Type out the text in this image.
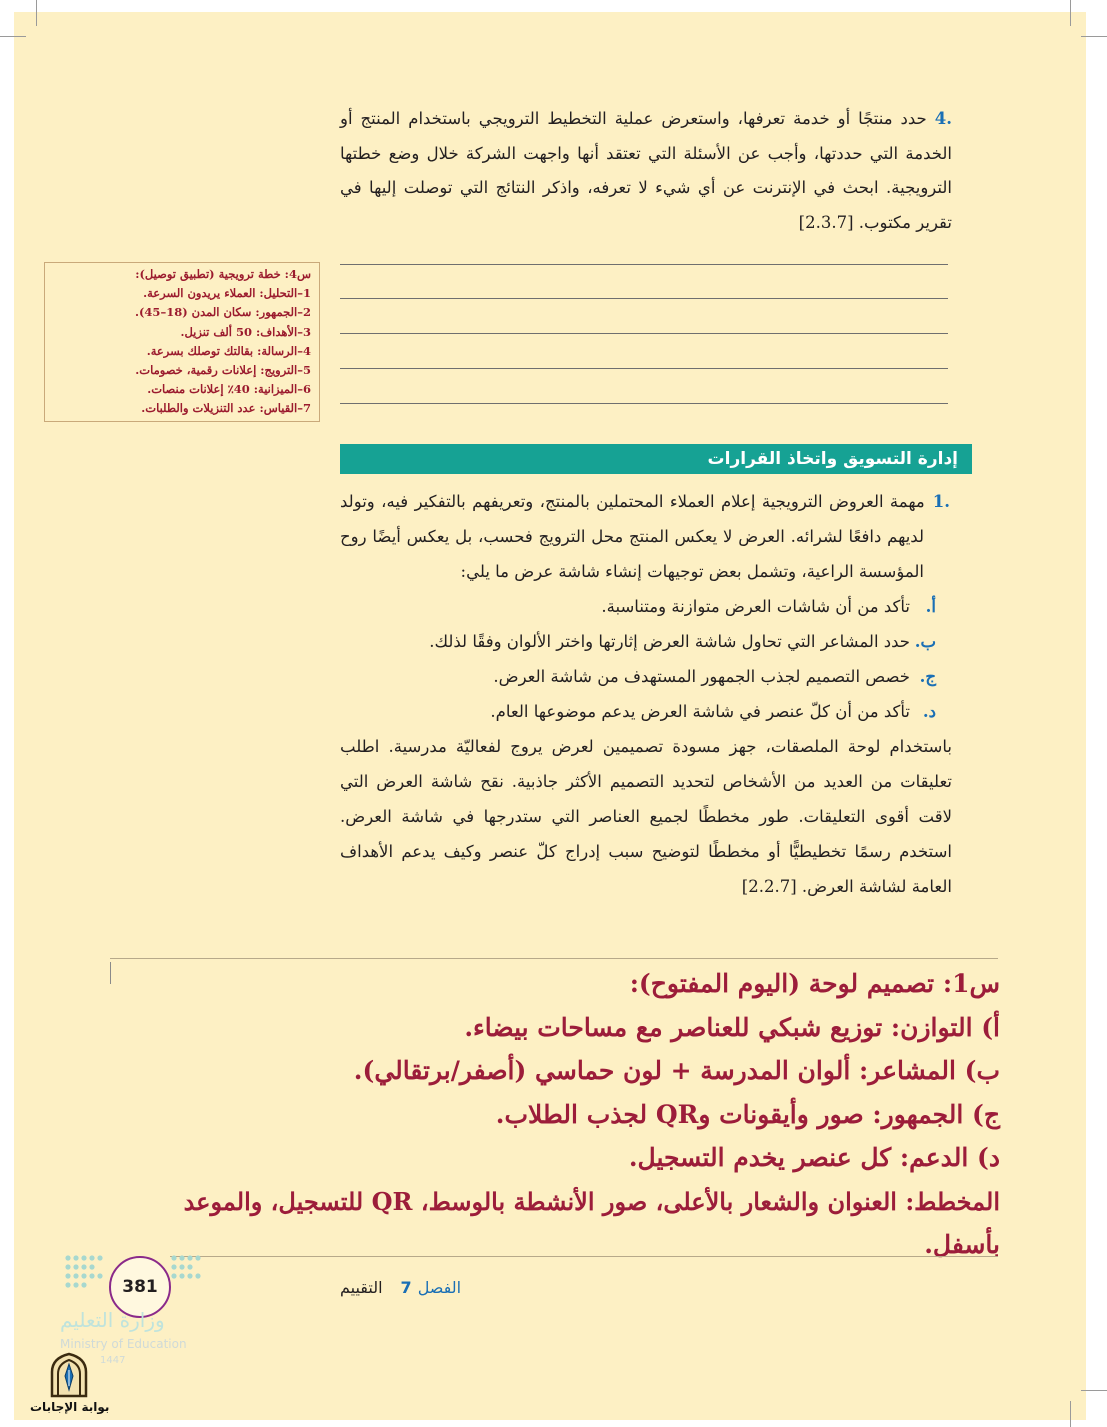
.4حدد منتجًا أو خدمة تعرفها، واستعرض عملية التخطيط الترويجي باستخدام المنتج أو الخدمة التي حددتها، وأجب عن الأسئلة التي تعتقد أنها واجهت الشركة خلال وضع خطتها الترويجية. ابحث في الإنترنت عن أي شيء لا تعرفه، واذكر النتائج التي توصلت إليها في تقرير مكتوب. [2.3.7]
س4: خطة ترويجية (تطبيق توصيل):
1–التحليل: العملاء يريدون السرعة.
2–الجمهور: سكان المدن (18–45).
3–الأهداف: 50 ألف تنزيل.
4–الرسالة: بقالتك توصلك بسرعة.
5–الترويج: إعلانات رقمية، خصومات.
6–الميزانية: 40٪ إعلانات منصات.
7–القياس: عدد التنزيلات والطلبات.
إدارة التسويق واتخاذ القرارات
.1مهمة العروض الترويجية إعلام العملاء المحتملين بالمنتج، وتعريفهم بالتفكير فيه، وتولد لديهم دافعًا لشرائه. العرض لا يعكس المنتج محل الترويج فحسب، بل يعكس أيضًا روح المؤسسة الراعية، وتشمل بعض توجيهات إنشاء شاشة عرض ما يلي:
أ.تأكد من أن شاشات العرض متوازنة ومتناسبة.
ب.حدد المشاعر التي تحاول شاشة العرض إثارتها واختر الألوان وفقًا لذلك.
ج.خصص التصميم لجذب الجمهور المستهدف من شاشة العرض.
د.تأكد من أن كلّ عنصر في شاشة العرض يدعم موضوعها العام.
باستخدام لوحة الملصقات، جهز مسودة تصميمين لعرض يروج لفعاليّة مدرسية. اطلب تعليقات من العديد من الأشخاص لتحديد التصميم الأكثر جاذبية. نقح شاشة العرض التي لاقت أقوى التعليقات. طور مخططًا لجميع العناصر التي ستدرجها في شاشة العرض. استخدم رسمًا تخطيطيًّا أو مخططًا لتوضيح سبب إدراج كلّ عنصر وكيف يدعم الأهداف العامة لشاشة العرض. [2.2.7]
س1: تصميم لوحة (اليوم المفتوح):
أ) التوازن: توزيع شبكي للعناصر مع مساحات بيضاء.
ب) المشاعر: ألوان المدرسة + لون حماسي (أصفر/برتقالي).
ج) الجمهور: صور وأيقونات وQR لجذب الطلاب.
د) الدعم: كل عنصر يخدم التسجيل.
المخطط: العنوان والشعار بالأعلى، صور الأنشطة بالوسط، QR للتسجيل، والموعد
بأسفل.
الفصل7التقييم
381
وزارة التعليم
Ministry of Education
1447
بوابة الإجابات
